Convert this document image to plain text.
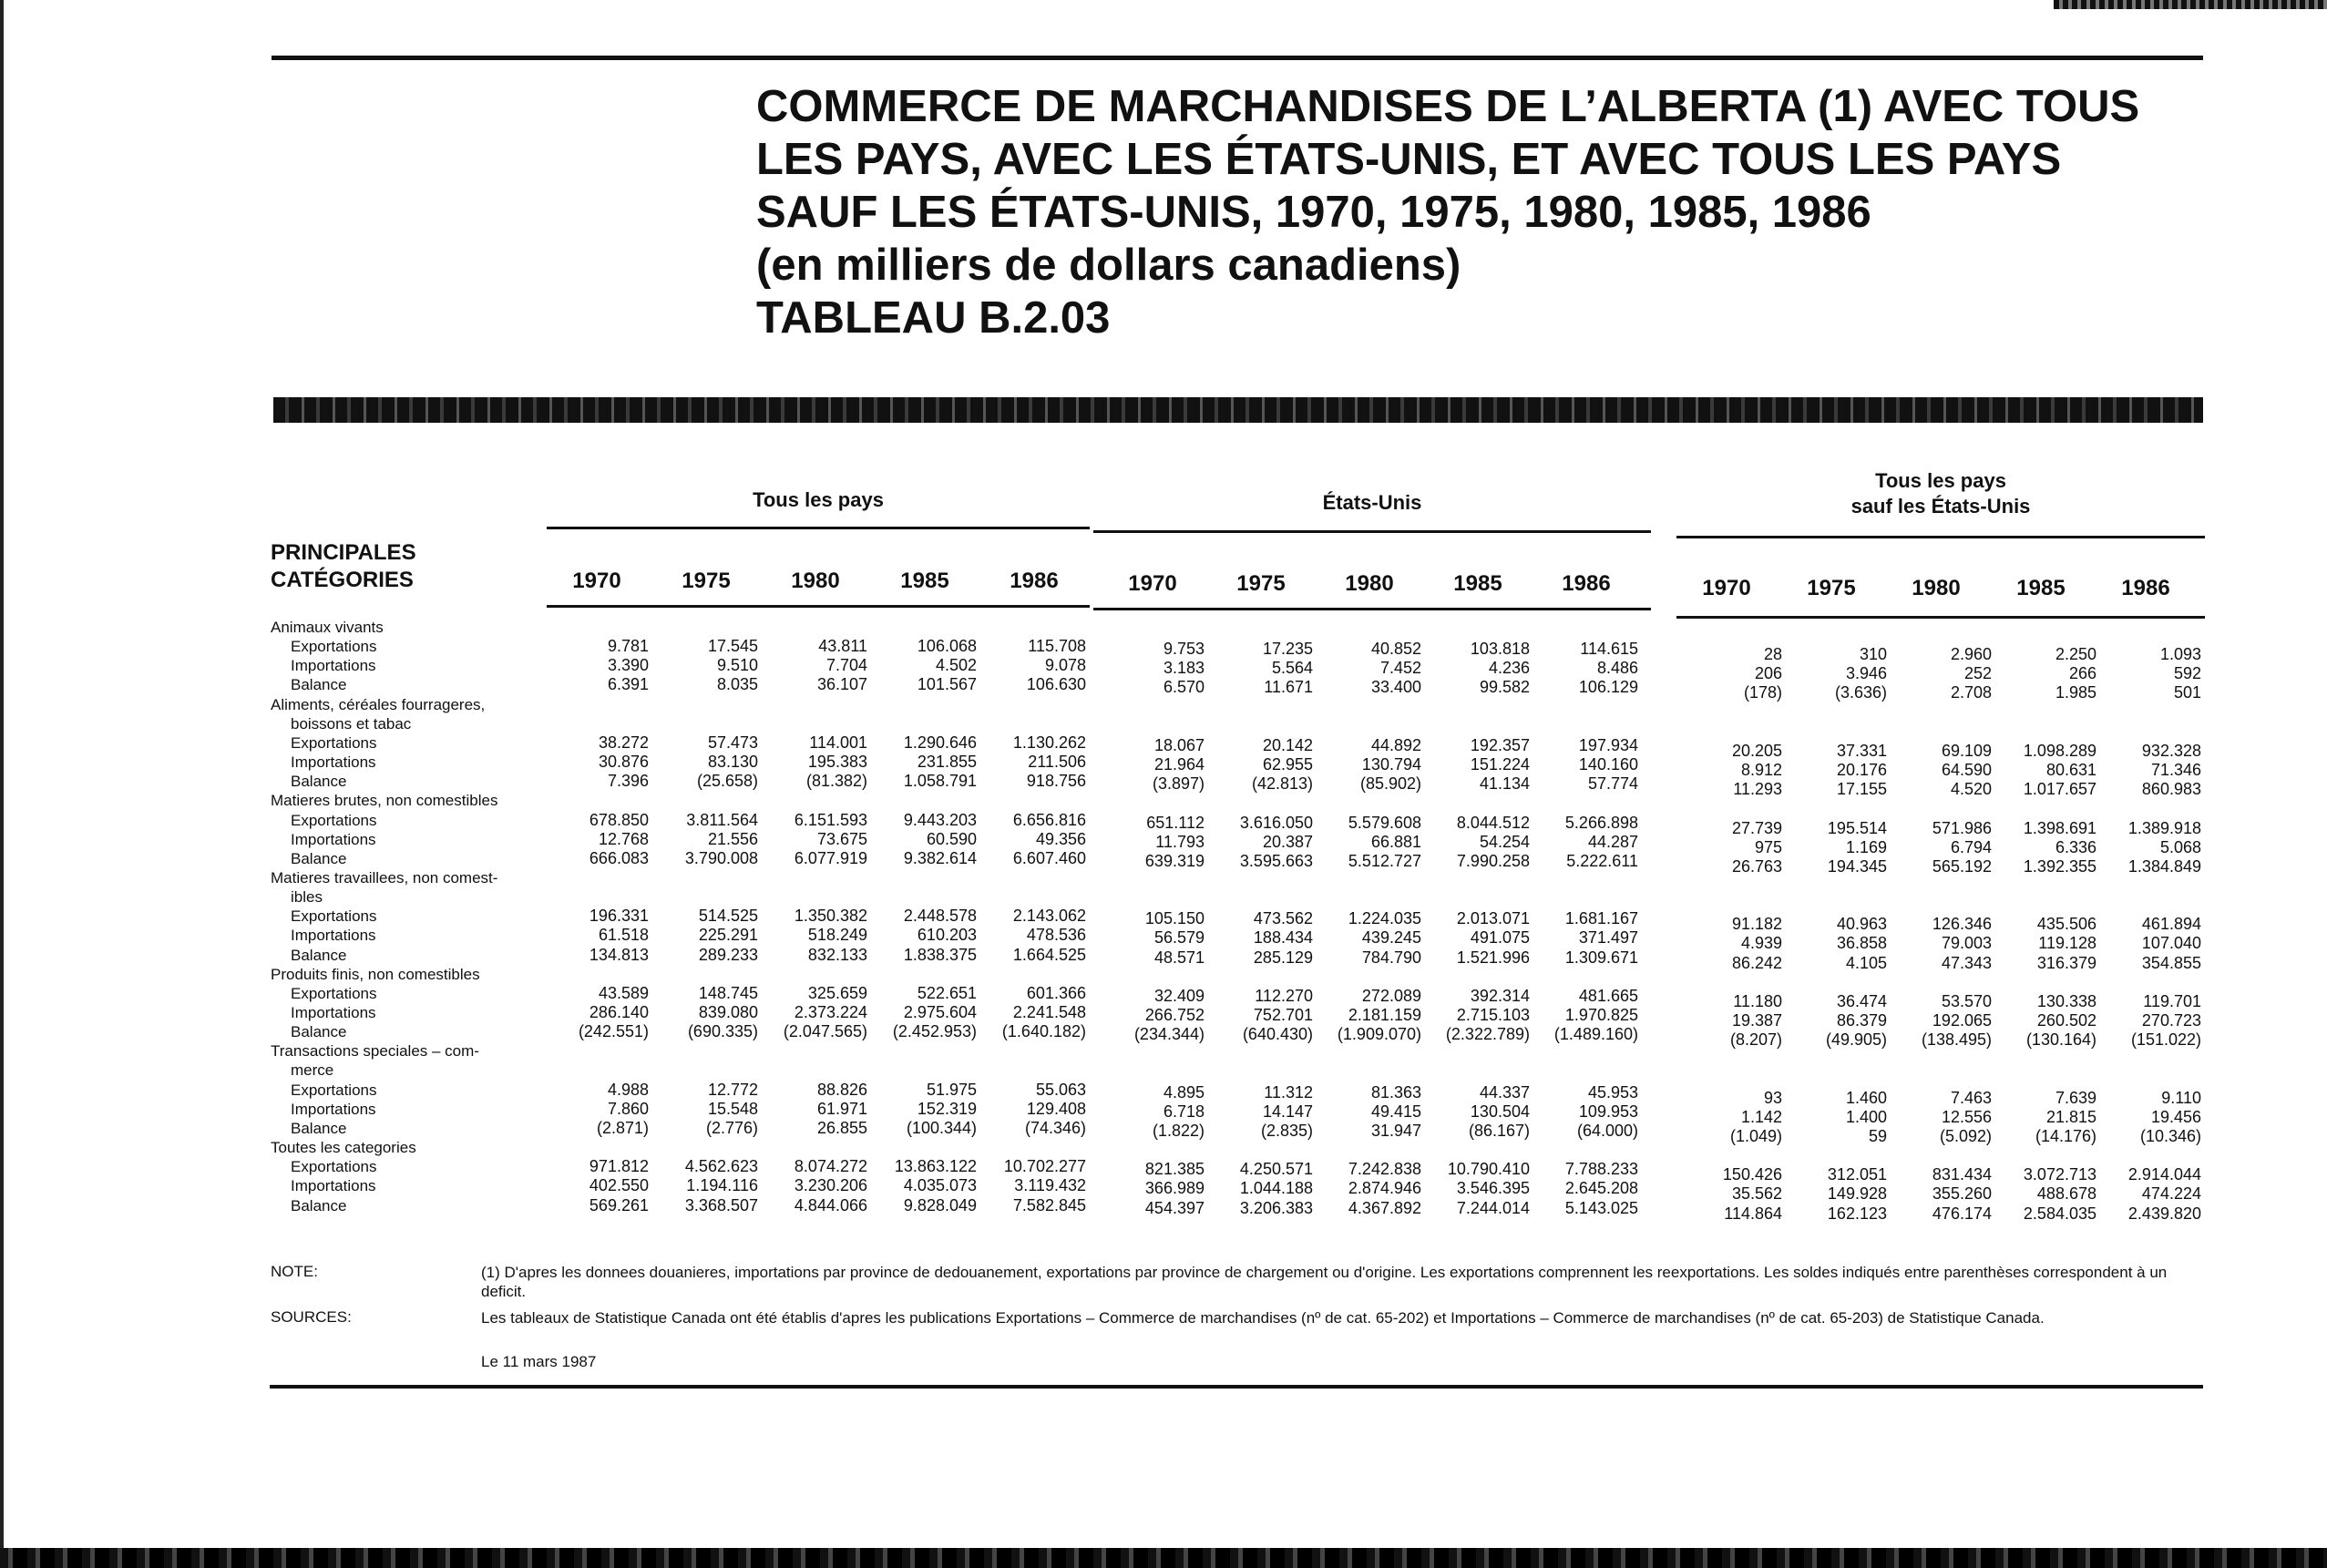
COMMERCE DE MARCHANDISES DE L’ALBERTA (1) AVEC TOUS
LES PAYS, AVEC LES ÉTATS-UNIS, ET AVEC TOUS LES PAYS
SAUF LES ÉTATS-UNIS, 1970, 1975, 1980, 1985, 1986
(en milliers de dollars canadiens)
TABLEAU B.2.03
Tous les pays	États-Unis
Tous les pays
sauf les États-Unis
PRINCIPALES
CATÉGORIES	1970	1975	1980	1985	1986	1970	1975	1980	1985	1986	1970	1975	1980	1985	1986
Animaux vivants
Exportations	9.781	17.545	43.811	106.068	115.708	9.753	17.235	40.852	103.818	114.615	28	310	2.960	2.250	1.093
Importations	3.390	9.510	7.704	4.502	9.078	3.183	5.564	7.452	4.236	8.486	206	3.946	252	266	592
Balance	6.391	8.035	36.107	101.567	106.630	6.570	11.671	33.400	99.582	106.129	(178)	(3.636)	2.708	1.985	501
Aliments, céréales fourrageres,
boissons et tabac
Exportations	38.272	57.473	114.001	1.290.646	1.130.262	18.067	20.142	44.892	192.357	197.934	20.205	37.331	69.109	1.098.289	932.328
Importations	30.876	83.130	195.383	231.855	211.506	21.964	62.955	130.794	151.224	140.160	8.912	20.176	64.590	80.631	71.346
Balance	7.396	(25.658)	(81.382)	1.058.791	918.756	(3.897)	(42.813)	(85.902)	41.134	57.774	11.293	17.155	4.520	1.017.657	860.983
Matieres brutes, non comestibles
Exportations	678.850	3.811.564	6.151.593	9.443.203	6.656.816	651.112	3.616.050	5.579.608	8.044.512	5.266.898	27.739	195.514	571.986	1.398.691	1.389.918
Importations	12.768	21.556	73.675	60.590	49.356	11.793	20.387	66.881	54.254	44.287	975	1.169	6.794	6.336	5.068
Balance	666.083	3.790.008	6.077.919	9.382.614	6.607.460	639.319	3.595.663	5.512.727	7.990.258	5.222.611	26.763	194.345	565.192	1.392.355	1.384.849
Matieres travaillees, non comest-
ibles
Exportations	196.331	514.525	1.350.382	2.448.578	2.143.062	105.150	473.562	1.224.035	2.013.071	1.681.167	91.182	40.963	126.346	435.506	461.894
Importations	61.518	225.291	518.249	610.203	478.536	56.579	188.434	439.245	491.075	371.497	4.939	36.858	79.003	119.128	107.040
Balance	134.813	289.233	832.133	1.838.375	1.664.525	48.571	285.129	784.790	1.521.996	1.309.671	86.242	4.105	47.343	316.379	354.855
Produits finis, non comestibles
Exportations	43.589	148.745	325.659	522.651	601.366	32.409	112.270	272.089	392.314	481.665	11.180	36.474	53.570	130.338	119.701
Importations	286.140	839.080	2.373.224	2.975.604	2.241.548	266.752	752.701	2.181.159	2.715.103	1.970.825	19.387	86.379	192.065	260.502	270.723
Balance	(242.551)	(690.335)	(2.047.565)	(2.452.953)	(1.640.182)	(234.344)	(640.430)	(1.909.070)	(2.322.789)	(1.489.160)	(8.207)	(49.905)	(138.495)	(130.164)	(151.022)
Transactions speciales – com-
merce
Exportations	4.988	12.772	88.826	51.975	55.063	4.895	11.312	81.363	44.337	45.953	93	1.460	7.463	7.639	9.110
Importations	7.860	15.548	61.971	152.319	129.408	6.718	14.147	49.415	130.504	109.953	1.142	1.400	12.556	21.815	19.456
Balance	(2.871)	(2.776)	26.855	(100.344)	(74.346)	(1.822)	(2.835)	31.947	(86.167)	(64.000)	(1.049)	59	(5.092)	(14.176)	(10.346)
Toutes les categories
Exportations	971.812	4.562.623	8.074.272	13.863.122	10.702.277	821.385	4.250.571	7.242.838	10.790.410	7.788.233	150.426	312.051	831.434	3.072.713	2.914.044
Importations	402.550	1.194.116	3.230.206	4.035.073	3.119.432	366.989	1.044.188	2.874.946	3.546.395	2.645.208	35.562	149.928	355.260	488.678	474.224
Balance	569.261	3.368.507	4.844.066	9.828.049	7.582.845	454.397	3.206.383	4.367.892	7.244.014	5.143.025	114.864	162.123	476.174	2.584.035	2.439.820
NOTE:	(1) D'apres les donnees douanieres, importations par province de dedouanement, exportations par province de chargement ou d'origine. Les exportations comprennent les reexportations. Les soldes indiqués entre parenthèses correspondent à un deficit.
SOURCES:	Les tableaux de Statistique Canada ont été établis d'apres les publications Exportations – Commerce de marchandises (nº de cat. 65-202) et Importations – Commerce de marchandises (nº de cat. 65-203) de Statistique Canada.
Le 11 mars 1987
